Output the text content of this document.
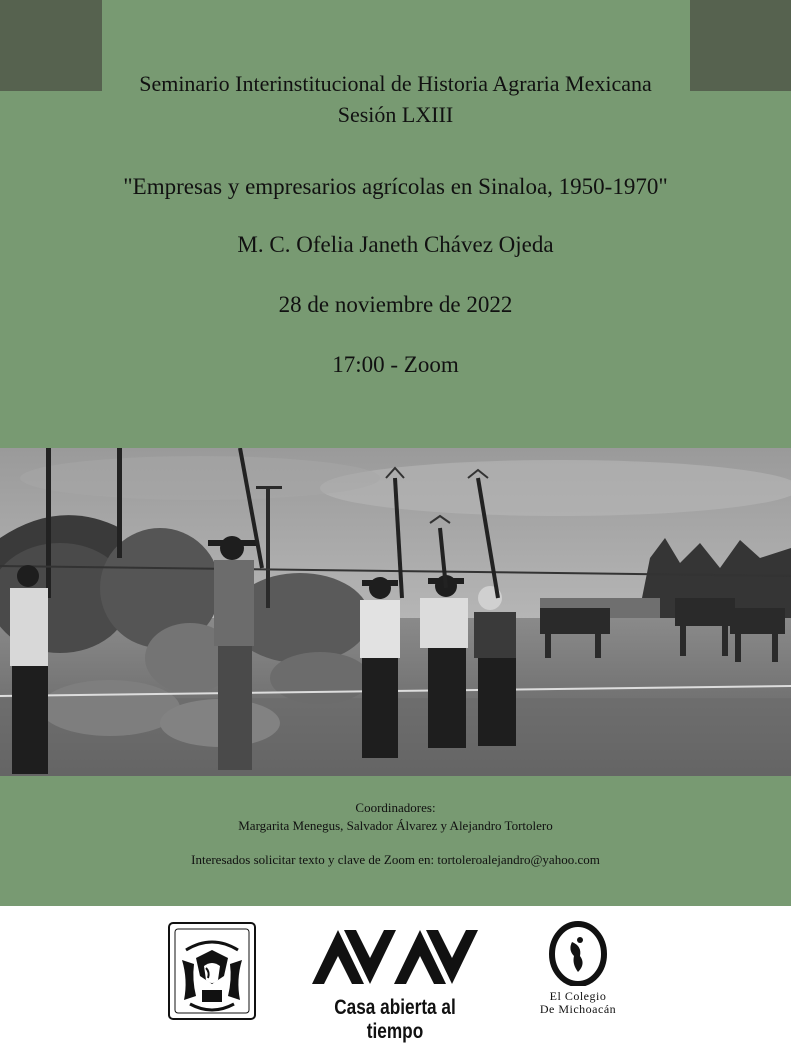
Seminario Interinstitucional de Historia Agraria Mexicana
Sesión LXIII
"Empresas y empresarios agrícolas en Sinaloa, 1950-1970"
M. C. Ofelia Janeth Chávez Ojeda
28 de noviembre de 2022
17:00 - Zoom
Coordinadores:
Margarita Menegus, Salvador Álvarez y Alejandro Tortolero
Interesados solicitar texto y clave de Zoom en: tortoleroalejandro@yahoo.com
Casa abierta al tiempo
El Colegio
De Michoacán
